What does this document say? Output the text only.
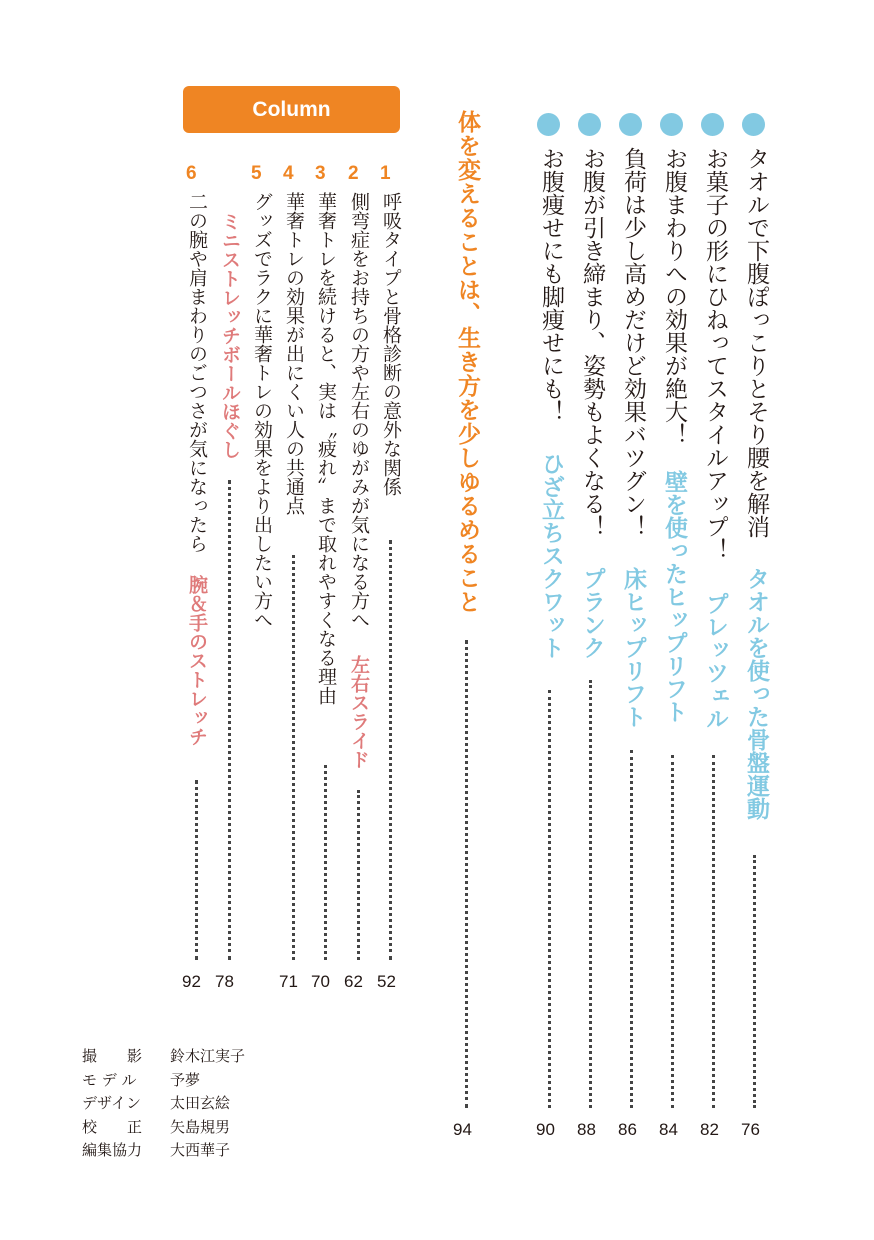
タオルで下腹ぽっこりとそり腰を解消
タオルを使った骨盤運動
76
お菓子の形にひねってスタイルアップ！
プレッツェル
82
お腹まわりへの効果が絶大！
壁を使ったヒップリフト
84
負荷は少し高めだけど効果バツグン！
床ヒップリフト
86
お腹が引き締まり、姿勢もよくなる！
プランク
88
お腹痩せにも脚痩せにも！
ひざ立ちスクワット
90
体を変えることは、生き方を少しゆるめること
94
Column
1
呼吸タイプと骨格診断の意外な関係
52
2
側弯症をお持ちの方や左右のゆがみが気になる方へ
左右スライド
62
3
華奢トレを続けると、実は〝疲れ〟まで取れやすくなる理由
70
4
華奢トレの効果が出にくい人の共通点
71
5
グッズでラクに華奢トレの効果をより出したい方へ
ミニストレッチボールほぐし
78
6
二の腕や肩まわりのごつさが気になったら
腕＆手のストレッチ
92
撮　　影	鈴木江実子
モ デ ル	予夢
デザイン	太田玄絵
校　　正	矢島規男
編集協力	大西華子
